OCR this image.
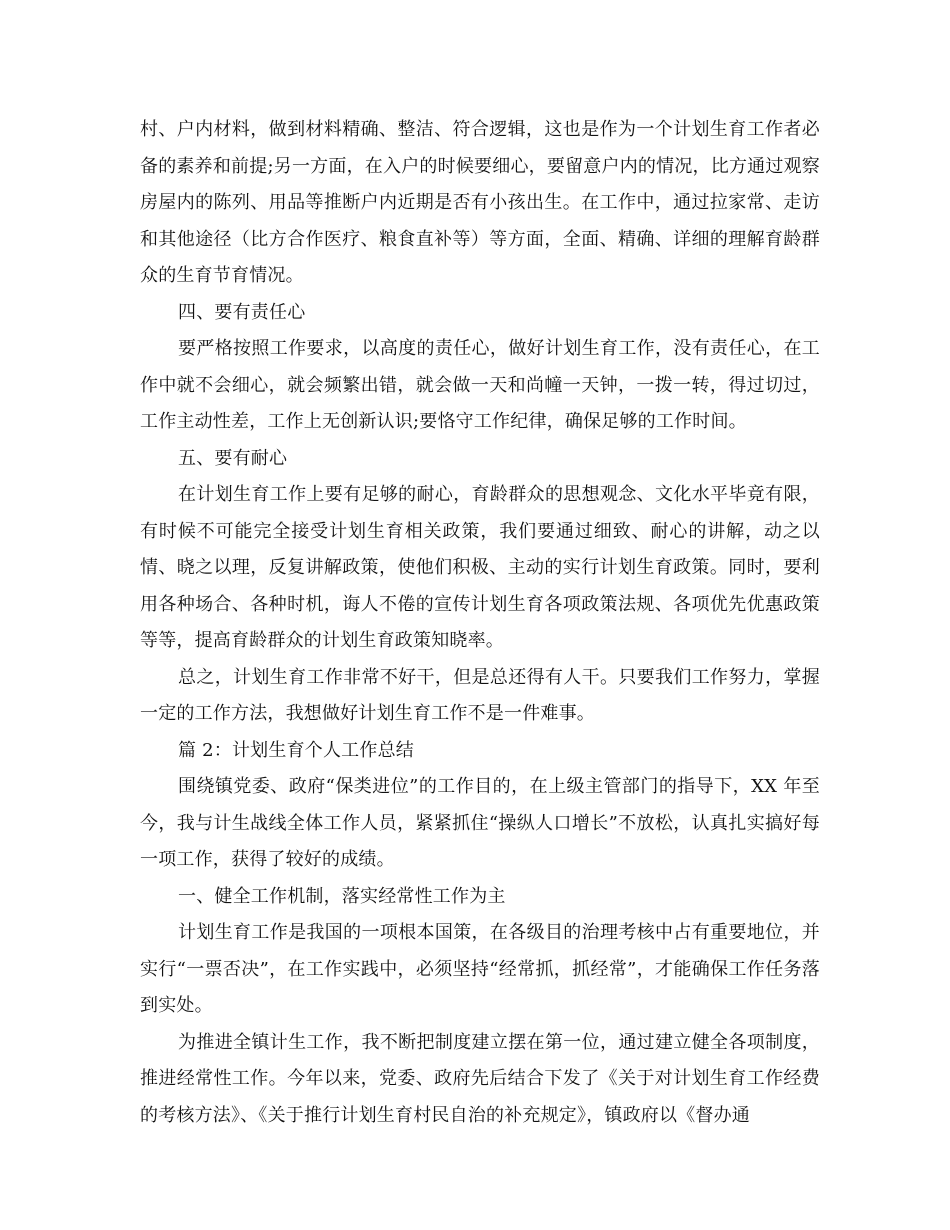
村、户内材料，做到材料精确、整洁、符合逻辑，这也是作为一个计划生育工作者必备的素养和前提;另一方面，在入户的时候要细心，要留意户内的情况，比方通过观察房屋内的陈列、用品等推断户内近期是否有小孩出生。在工作中，通过拉家常、走访和其他途径（比方合作医疗、粮食直补等）等方面，全面、精确、详细的理解育龄群众的生育节育情况。

四、要有责任心

要严格按照工作要求，以高度的责任心，做好计划生育工作，没有责任心，在工作中就不会细心，就会频繁出错，就会做一天和尚幢一天钟，一拨一转，得过切过，工作主动性差，工作上无创新认识;要恪守工作纪律，确保足够的工作时间。

五、要有耐心

在计划生育工作上要有足够的耐心，育龄群众的思想观念、文化水平毕竟有限，有时候不可能完全接受计划生育相关政策，我们要通过细致、耐心的讲解，动之以情、晓之以理，反复讲解政策，使他们积极、主动的实行计划生育政策。同时，要利用各种场合、各种时机，诲人不倦的宣传计划生育各项政策法规、各项优先优惠政策等等，提高育龄群众的计划生育政策知晓率。

总之，计划生育工作非常不好干，但是总还得有人干。只要我们工作努力，掌握一定的工作方法，我想做好计划生育工作不是一件难事。

篇 2：计划生育个人工作总结

围绕镇党委、政府“保类进位”的工作目的，在上级主管部门的指导下，XX 年至今，我与计生战线全体工作人员，紧紧抓住“操纵人口增长”不放松，认真扎实搞好每一项工作，获得了较好的成绩。

一、健全工作机制，落实经常性工作为主

计划生育工作是我国的一项根本国策，在各级目的治理考核中占有重要地位，并实行“一票否决”，在工作实践中，必须坚持“经常抓，抓经常”，才能确保工作任务落到实处。

为推进全镇计生工作，我不断把制度建立摆在第一位，通过建立健全各项制度，推进经常性工作。今年以来，党委、政府先后结合下发了《关于对计划生育工作经费的考核方法》、《关于推行计划生育村民自治的补充规定》，镇政府以《督办通
